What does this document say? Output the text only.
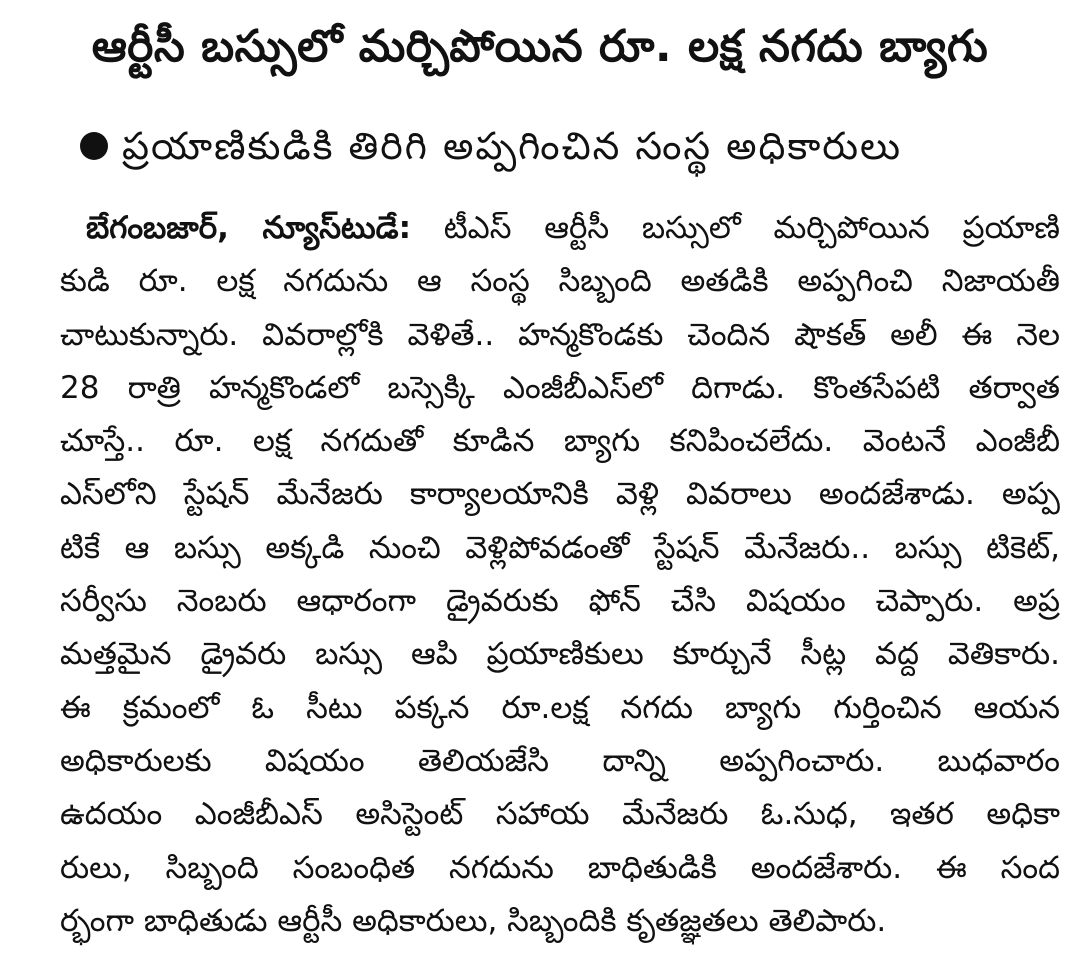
ఆర్టీసీ బస్సులో మర్చిపోయిన రూ. లక్ష నగదు బ్యాగు
ప్రయాణికుడికి తిరిగి అప్పగించిన సంస్థ అధికారులు
బేగంబజార్, న్యూస్‌టుడే: టీఎస్ ఆర్టీసీ బస్సులో మర్చిపోయిన ప్రయాణి
కుడి రూ. లక్ష నగదును ఆ సంస్థ సిబ్బంది అతడికి అప్పగించి నిజాయతీ
చాటుకున్నారు. వివరాల్లోకి వెళితే.. హన్మకొండకు చెందిన షౌకత్ అలీ ఈ నెల
28 రాత్రి హన్మకొండలో బస్సెక్కి ఎంజీబీఎస్‌లో దిగాడు. కొంతసేపటి తర్వాత
చూస్తే.. రూ. లక్ష నగదుతో కూడిన బ్యాగు కనిపించలేదు. వెంటనే ఎంజీబీ
ఎస్‌లోని స్టేషన్ మేనేజరు కార్యాలయానికి వెళ్లి వివరాలు అందజేశాడు. అప్ప
టికే ఆ బస్సు అక్కడి నుంచి వెళ్లిపోవడంతో స్టేషన్ మేనేజరు.. బస్సు టికెట్,
సర్వీసు నెంబరు ఆధారంగా డ్రైవరుకు ఫోన్ చేసి విషయం చెప్పారు. అప్ర
మత్తమైన డ్రైవరు బస్సు ఆపి ప్రయాణికులు కూర్చునే సీట్ల వద్ద వెతికారు.
ఈ క్రమంలో ఓ సీటు పక్కన రూ.లక్ష నగదు బ్యాగు గుర్తించిన ఆయన
అధికారులకు విషయం తెలియజేసి దాన్ని అప్పగించారు. బుధవారం
ఉదయం ఎంజీబీఎస్ అసిస్టెంట్ సహాయ మేనేజరు ఓ.సుధ, ఇతర అధికా
రులు, సిబ్బంది సంబంధిత నగదును బాధితుడికి అందజేశారు. ఈ సంద
ర్భంగా బాధితుడు ఆర్టీసీ అధికారులు, సిబ్బందికి కృతజ్ఞతలు తెలిపారు.
